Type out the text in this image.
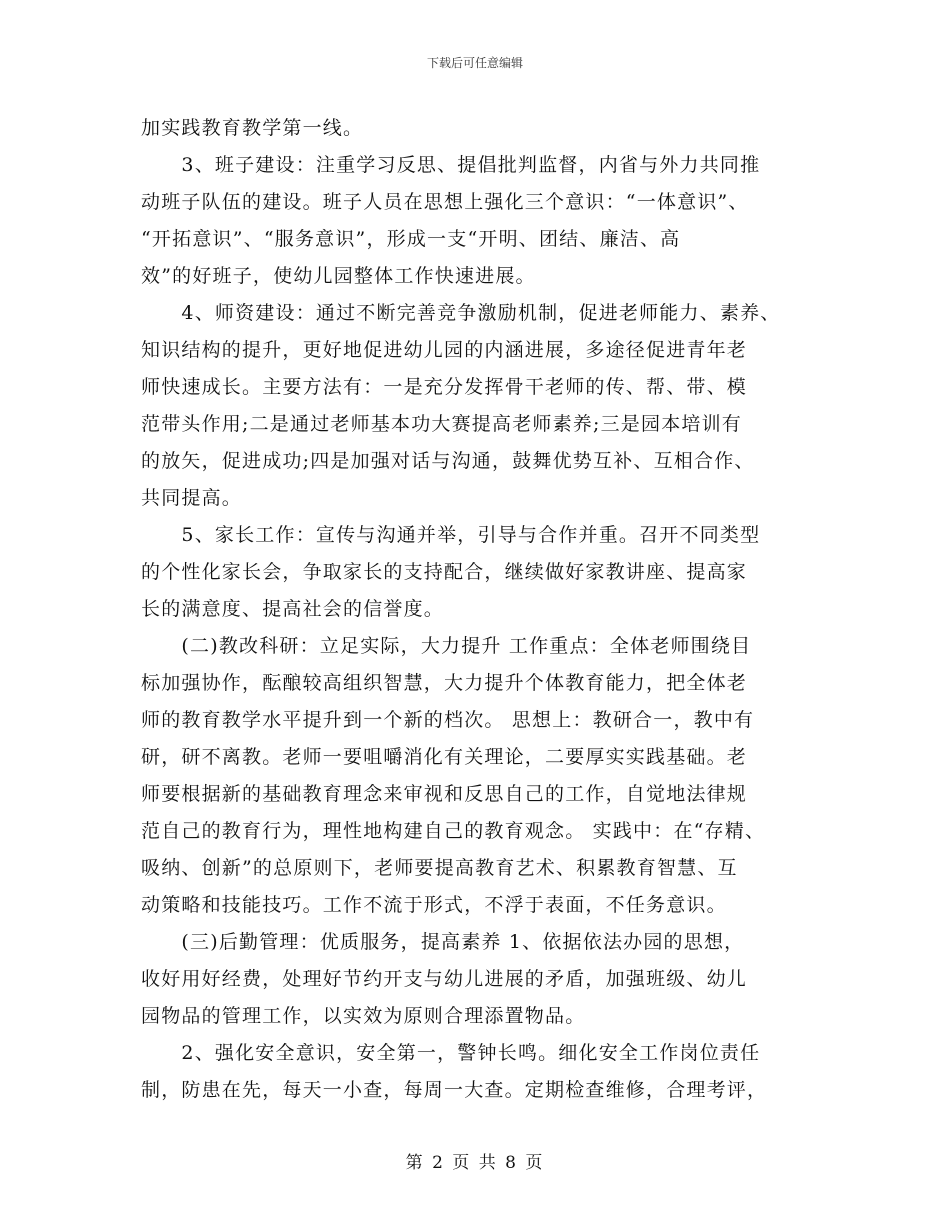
下载后可任意编辑
加实践教育教学第一线。
　　3、班子建设：注重学习反思、提倡批判监督，内省与外力共同推
动班子队伍的建设。班子人员在思想上强化三个意识：“一体意识”、
“开拓意识”、“服务意识”，形成一支“开明、团结、廉洁、高
效”的好班子，使幼儿园整体工作快速进展。
　　4、师资建设：通过不断完善竞争激励机制，促进老师能力、素养、
知识结构的提升，更好地促进幼儿园的内涵进展，多途径促进青年老
师快速成长。主要方法有：一是充分发挥骨干老师的传、帮、带、模
范带头作用;二是通过老师基本功大赛提高老师素养;三是园本培训有
的放矢，促进成功;四是加强对话与沟通，鼓舞优势互补、互相合作、
共同提高。
　　5、家长工作：宣传与沟通并举，引导与合作并重。召开不同类型
的个性化家长会，争取家长的支持配合，继续做好家教讲座、提高家
长的满意度、提高社会的信誉度。
　　(二)教改科研：立足实际，大力提升 工作重点：全体老师围绕目
标加强协作，酝酿较高组织智慧，大力提升个体教育能力，把全体老
师的教育教学水平提升到一个新的档次。 思想上：教研合一，教中有
研，研不离教。老师一要咀嚼消化有关理论，二要厚实实践基础。老
师要根据新的基础教育理念来审视和反思自己的工作，自觉地法律规
范自己的教育行为，理性地构建自己的教育观念。 实践中：在“存精、
吸纳、创新”的总原则下，老师要提高教育艺术、积累教育智慧、互
动策略和技能技巧。工作不流于形式，不浮于表面，不任务意识。
　　(三)后勤管理：优质服务，提高素养 1、依据依法办园的思想，
收好用好经费，处理好节约开支与幼儿进展的矛盾，加强班级、幼儿
园物品的管理工作，以实效为原则合理添置物品。
　　2、强化安全意识，安全第一，警钟长鸣。细化安全工作岗位责任
制，防患在先，每天一小查，每周一大查。定期检查维修，合理考评，
第 2 页 共 8 页
